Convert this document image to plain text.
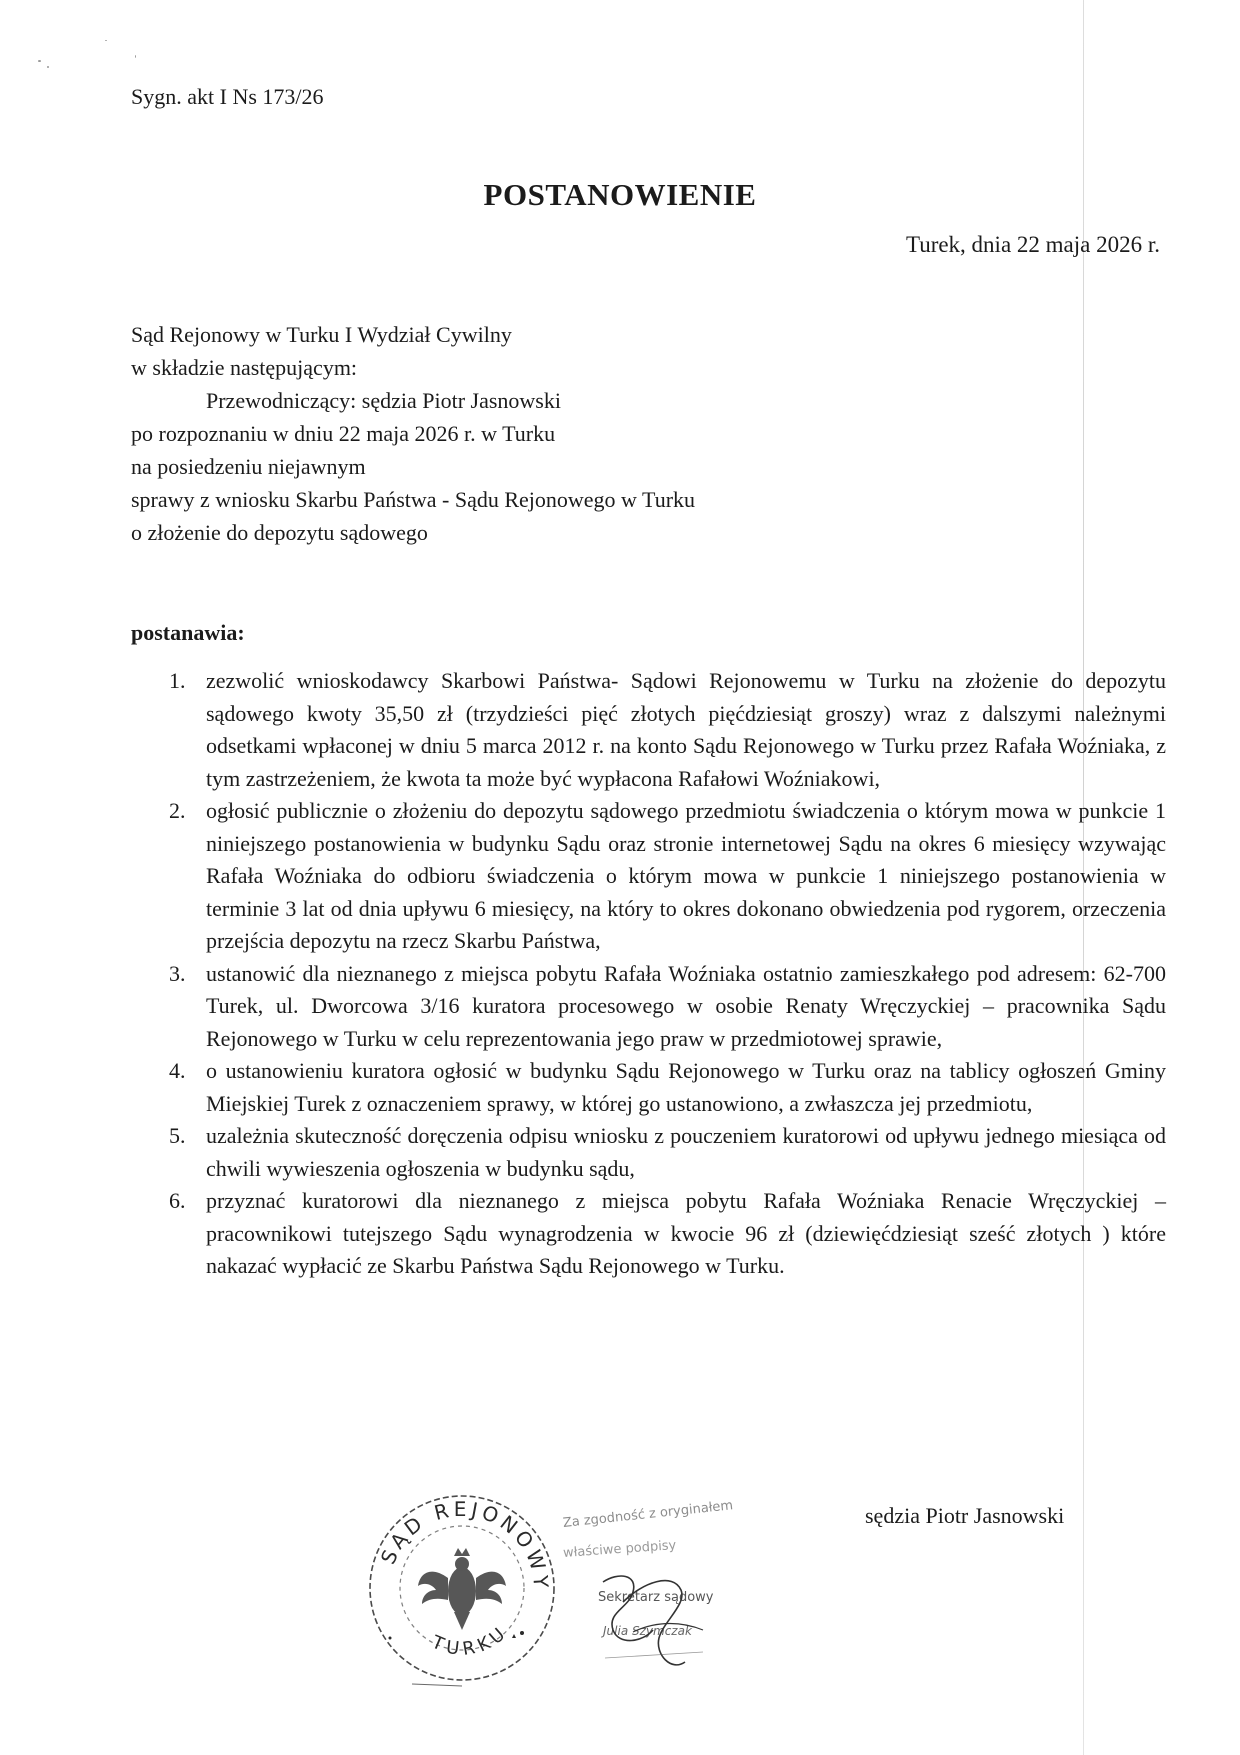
Sygn. akt I Ns 173/26
POSTANOWIENIE
Turek, dnia 22 maja 2026 r.
Sąd Rejonowy w Turku I Wydział Cywilny
w składzie następującym:
Przewodniczący: sędzia Piotr Jasnowski
po rozpoznaniu w dniu 22 maja 2026 r. w Turku
na posiedzeniu niejawnym
sprawy z wniosku Skarbu Państwa - Sądu Rejonowego w Turku
o złożenie do depozytu sądowego
postanawia:
1. zezwolić wnioskodawcy Skarbowi Państwa- Sądowi Rejonowemu w Turku na złożenie do depozytu sądowego kwoty 35,50 zł (trzydzieści pięć złotych pięćdziesiąt groszy) wraz z dalszymi należnymi odsetkami wpłaconej w dniu 5 marca 2012 r. na konto Sądu Rejonowego w Turku przez Rafała Woźniaka, z tym zastrzeżeniem, że kwota ta może być wypłacona Rafałowi Woźniakowi,
2. ogłosić publicznie o złożeniu do depozytu sądowego przedmiotu świadczenia o którym mowa w punkcie 1 niniejszego postanowienia w budynku Sądu oraz stronie internetowej Sądu na okres 6 miesięcy wzywając Rafała Woźniaka do odbioru świadczenia o którym mowa w punkcie 1 niniejszego postanowienia w terminie 3 lat od dnia upływu 6 miesięcy, na który to okres dokonano obwiedzenia pod rygorem, orzeczenia przejścia depozytu na rzecz Skarbu Państwa,
3. ustanowić dla nieznanego z miejsca pobytu Rafała Woźniaka ostatnio zamieszkałego pod adresem: 62-700 Turek, ul. Dworcowa 3/16 kuratora procesowego w osobie Renaty Wręczyckiej – pracownika Sądu Rejonowego w Turku w celu reprezentowania jego praw w przedmiotowej sprawie,
4. o ustanowieniu kuratora ogłosić w budynku Sądu Rejonowego w Turku oraz na tablicy ogłoszeń Gminy Miejskiej Turek z oznaczeniem sprawy, w której go ustanowiono, a zwłaszcza jej przedmiotu,
5. uzależnia skuteczność doręczenia odpisu wniosku z pouczeniem kuratorowi od upływu jednego miesiąca od chwili wywieszenia ogłoszenia w budynku sądu,
6. przyznać kuratorowi dla nieznanego z miejsca pobytu Rafała Woźniaka Renacie Wręczyckiej – pracownikowi tutejszego Sądu wynagrodzenia w kwocie 96 zł (dziewięćdziesiąt sześć złotych ) które nakazać wypłacić ze Skarbu Państwa Sądu Rejonowego w Turku.
sędzia Piotr Jasnowski
SĄD REJONOWY
TURKU
Za zgodność z oryginałem
właściwe podpisy
Sekretarz sądowy
Julia Szymczak
